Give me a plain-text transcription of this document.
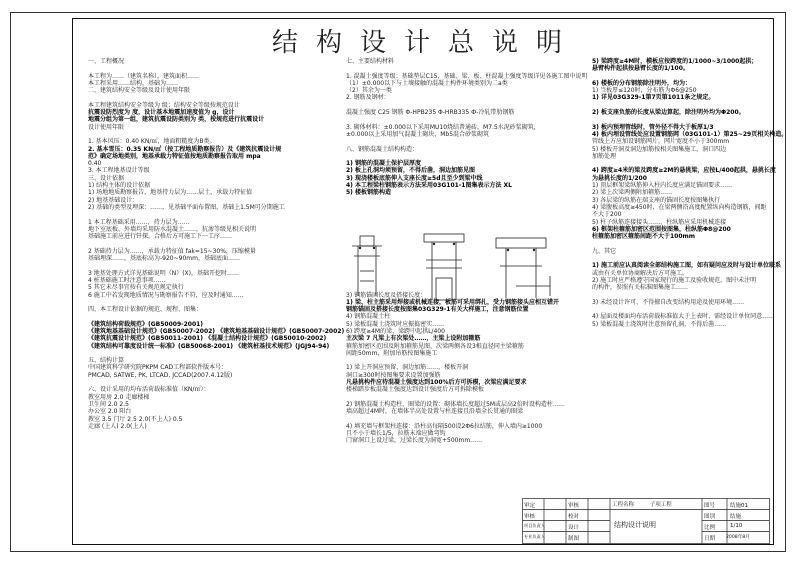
结构设计总说明
一、工程概况
本工程为……（建筑名称），建筑面积……
本工程采用……结构，基础为……
二、建筑结构安全等级及设计使用年限
本工程建筑结构安全等级为 级；结构安全等级按规范设计
抗震设防烈度为 度，设计基本地震加速度值为 g，设计
地震分组为第一组，建筑抗震设防类别为 类，按规范进行抗震设计
设计使用年限
1. 基本风压：0.40 KN/㎡，地面粗糙度为B类。
2. 基本雪压：0.35 KN/㎡（按工程地质勘察报告）及《建筑抗震设计规
范》确定场地类别，地基承载力特征值按地质勘察报告取用 mpa
0.40
3. 本工程地基设计等级
三、设计依据
1) 结构主体的设计依据
1) 场地地质勘察报告，地基持力层为……层土，承载力特征值
2) 地基基础设计：
2) 基础的类型及埋深：……，见基础平面布置图，基础上1.5M可分期施工
1 本工程基础采用……，持力层为……
地下室底板、外墙均采用防水混凝土……，抗渗等级见相关说明
基础施工前应进行钎探，合格后方可施工下一工序……
2 基础持力层为……，承载力特征值 fak=15~30%，压缩模量
基础埋深……，基底标高为-920~90mm，基础底面……
3 地基处理方式详见基础说明（N）(X)，基础开挖时……
4 桩基础施工时注意事项……
5 其它未尽事宜按有关规范规定执行
6 施工中若发现地质情况与勘察报告不符，应及时通知……
四、本工程设计依据的规范、规程、图集：
《建筑结构荷载规范》(GB50009-2001)
《建筑地基基础设计规范》(GB50007-2002) 《建筑地基基础设计规范》(GB50007-2002)
《建筑抗震设计规范》(GB50011-2001) 《混凝土结构设计规范》(GB50010-2002)
《建筑结构可靠度设计统一标准》(GB50068-2001) 《建筑桩基技术规范》(JGJ94-94)
五、结构计算
中国建筑科学研究院PKPM CAD工程部软件版本号：
PMCAD, SATWE, PK, LTCAD, JCCAD(2007.4.12版)
六、设计采用的均布活荷载标准值（KN/㎡）：
教室用房 2.0 走廊楼梯
卫生间 2.0 2.5
办公室 2.0 阳台
教室 3.5 门厅 2.5 2.0(不上人) 0.5
走廊 (上人) 2.0(上人)
七、主要结构材料
1. 混凝土强度等级：基础垫层C15，基础、梁、板、柱混凝土强度等级详见各施工图中说明
（1）±0.000以下与土壤接触的混凝土构件环境类别为二a类
（2）其余为一类
2. 钢筋及钢材：
混凝土强度 C25 钢筋 Φ-HPB235 Φ-HRB335 Ф-冷轧带肋钢筋
3. 砌体材料：±0.000以下采用MU10烧结普通砖，M7.5水泥砂浆砌筑，
±0.000以上采用加气混凝土砌块，Mb5混合砂浆砌筑
八、钢筋混凝土结构构造：
1) 钢筋的混凝土保护层厚度
2) 板上孔洞均须预留，不得后凿，洞边加筋见图
3) 现浇楼板底筋伸入支座长度≥5d且至少到梁中线
4) 本工程梁柱钢筋表示方法采用03G101-1图集表示方法 XL
5) 楼板钢筋构造
3) 钢筋锚固长度及搭接长度：
1) 梁、柱主筋采用焊接或机械连接，板筋可采用绑扎，受力钢筋接头应相互错开
钢筋锚固及搭接长度按图集03G329-1有关大样施工，注意钢筋位置
4) 钢筋混凝土柱
5) 梁板混凝土浇筑时应振捣密实……
6) 跨度≥4M的梁，梁跨中起拱L/400
主次梁 7 凡梁上有次梁处……，主梁上设附加箍筋
箍筋加密区范围及附加箍筋见图，次梁两侧各设3根直径同主梁箍筋
间距50mm，附加吊筋按图集施工
1) 梁上开洞应预留，洞边加筋……，楼板开洞
洞口≥300时按图集要求设置加强筋
凡悬挑构件应待混凝土强度达到100%后方可拆模，次梁应满足要求
楼梯踏步板混凝土强度达到设计强度后方可拆除模板
2) 钢筋混凝土构造柱，圈梁的设置：砌体墙长度超过5M或层高2倍时设构造柱……
墙高超过4M时，在墙体半高处设置与柱连接且沿墙全长贯通的圈梁
4) 填充墙与框架柱连接：沿柱高每隔500设2Φ6拉结筋，伸入墙内≥1000
且不小于墙长1/5，拉筋末端应做弯钩
门窗洞口上设过梁，过梁长度为洞宽+500mm……
5) 梁跨度≥4M时，模板应按跨度的1/1000~3/1000起拱；
悬臂构件起拱按悬臂长度的1/100。
6) 楼板的分布钢筋除注明外，均为：
1) 当板厚≤120时，分布筋为Φ6@250
1) 详见03G329-1第7页第1011条之规定。
2) 板支座负筋的长度从梁边算起，除注明外均为Φ200。
3) 板内预埋管线时，管外径不得大于板厚1/3
4) 板内埋设管线处应设置钢筋网（03G101-1）第25~29页相关构造。
管线上方应加设钢筋网片，网片宽度不小于300mm
5) 楼板开洞及洞边加筋按相关图集施工，洞口四边
加筋处理
4) 跨度≥4米的梁及跨度≥2M的悬挑梁，应按L/400起拱，悬挑长度
为悬挑长度的1/200
1) 顶层框架梁纵筋伸入柱内长度应满足锚固要求……
2) 梁上次梁两侧附加箍筋……
3) 各层梁的纵筋在端支座的锚固长度按图集执行
4) 梁腹板高度≥450时，在梁两侧沿高度配置纵向构造钢筋，间距
不大于200
5) 柱子纵筋连接接头……，柱纵筋应采用机械连接
6) 框架柱箍筋加密区范围按图集，柱纵筋Φ8@200
柱箍筋加密区箍筋间距不大于100mm
九、其它
1) 施工前应认真阅读全部结构施工图，如有疑问应及时与设计单位联系
或由有关单位协商解决后方可施工。
2) 施工时应严格遵守国家现行的施工及验收规范，图中未注明
的构件，参照有关标准图集施工……
3) 未经设计许可，不得擅自改变结构用途及使用环境……
4) 屋面及楼面均布活荷载标准值大于上表时，需经设计单位同意……
5) 梁板混凝土浇筑时注意预留孔洞，不得后凿……
审定	审核
审核	校对
项目负责人	设计
专业负责人	制图
工程名称	子项工程
结构设计说明
图号	结施01
图别	结施
比例	1/10
日期 2008年8月
